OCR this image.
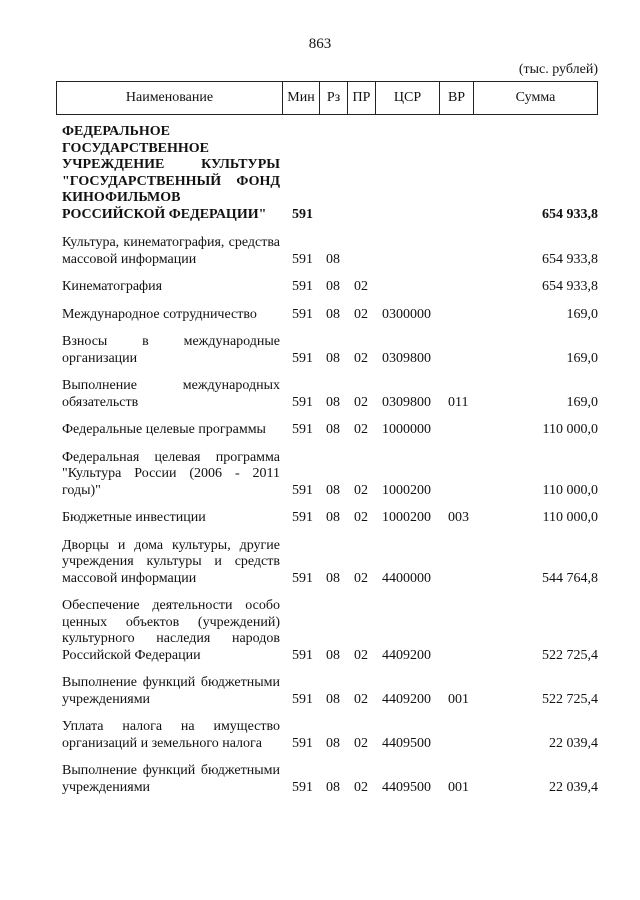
863
(тыс. рублей)
Наименование	Мин Рз ПР	ЦСР	ВР	Сумма
ФЕДЕРАЛЬНОЕ ГОСУДАРСТВЕННОЕ УЧРЕЖДЕНИЕ КУЛЬТУРЫ "ГОСУДАРСТВЕННЫЙ ФОНД КИНОФИЛЬМОВ РОССИЙСКОЙ ФЕДЕРАЦИИ"	591	654 933,8
Культура, кинематография, средства массовой информации	591 08	654 933,8
Кинематография	591 08 02	654 933,8
Международное сотрудничество	591 08 02 0300000	169,0
Взносы в международные организации	591 08 02 0309800	169,0
Выполнение международных обязательств	591 08 02 0309800 011	169,0
Федеральные целевые программы	591 08 02 1000000	110 000,0
Федеральная целевая программа "Культура России (2006 - 2011 годы)"	591 08 02 1000200	110 000,0
Бюджетные инвестиции	591 08 02 1000200 003	110 000,0
Дворцы и дома культуры, другие учреждения культуры и средств массовой информации	591 08 02 4400000	544 764,8
Обеспечение деятельности особо ценных объектов (учреждений) культурного наследия народов Российской Федерации	591 08 02 4409200	522 725,4
Выполнение функций бюджетными учреждениями	591 08 02 4409200 001	522 725,4
Уплата налога на имущество организаций и земельного налога	591 08 02 4409500	22 039,4
Выполнение функций бюджетными учреждениями	591 08 02 4409500 001	22 039,4
